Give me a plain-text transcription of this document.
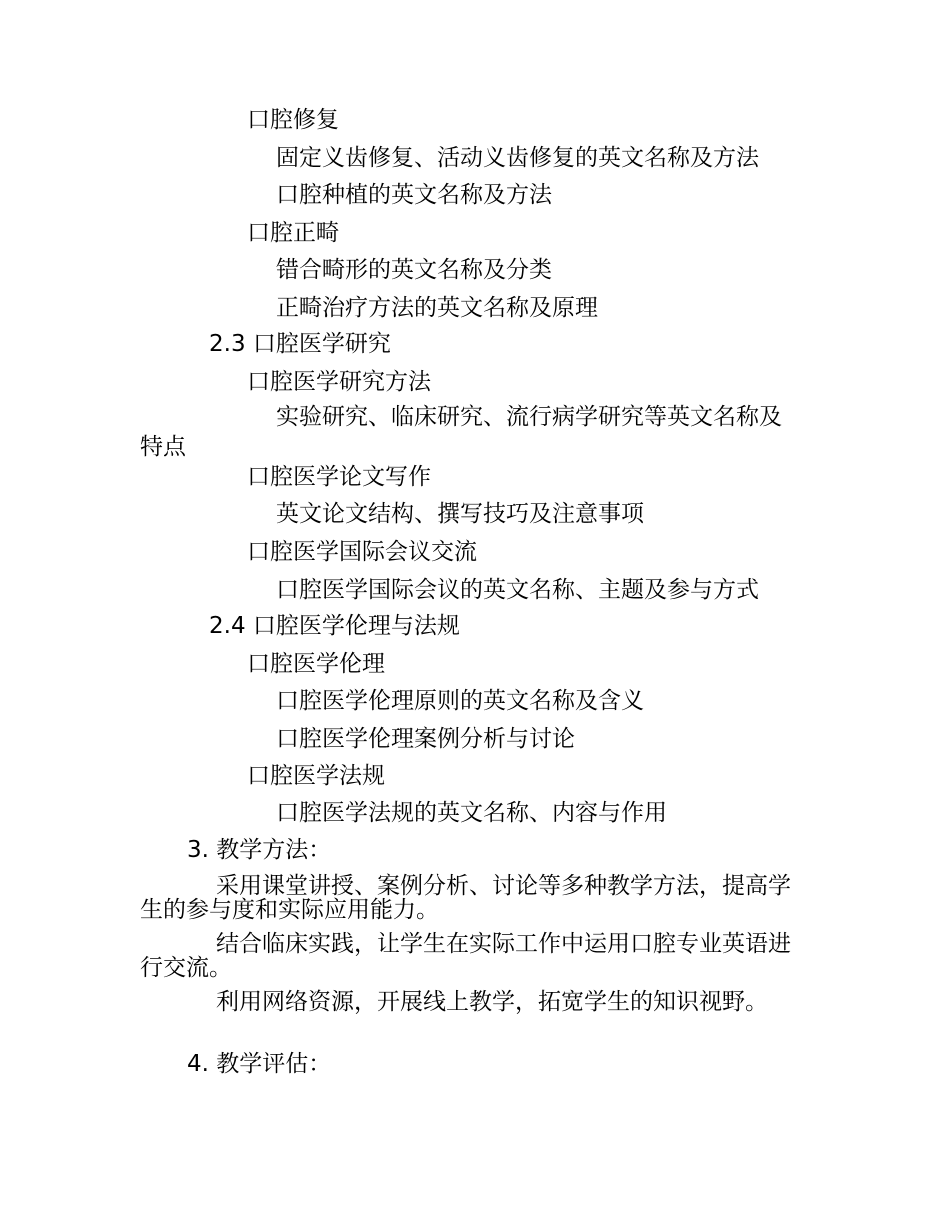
口腔修复
固定义齿修复、活动义齿修复的英文名称及方法
口腔种植的英文名称及方法
口腔正畸
错合畸形的英文名称及分类
正畸治疗方法的英文名称及原理
2.3 口腔医学研究
口腔医学研究方法
实验研究、临床研究、流行病学研究等英文名称及特点
口腔医学论文写作
英文论文结构、撰写技巧及注意事项
口腔医学国际会议交流
口腔医学国际会议的英文名称、主题及参与方式
2.4 口腔医学伦理与法规
口腔医学伦理
口腔医学伦理原则的英文名称及含义
口腔医学伦理案例分析与讨论
口腔医学法规
口腔医学法规的英文名称、内容与作用
3. 教学方法：
采用课堂讲授、案例分析、讨论等多种教学方法，提高学生的参与度和实际应用能力。
结合临床实践，让学生在实际工作中运用口腔专业英语进行交流。
利用网络资源，开展线上教学，拓宽学生的知识视野。
4. 教学评估：
